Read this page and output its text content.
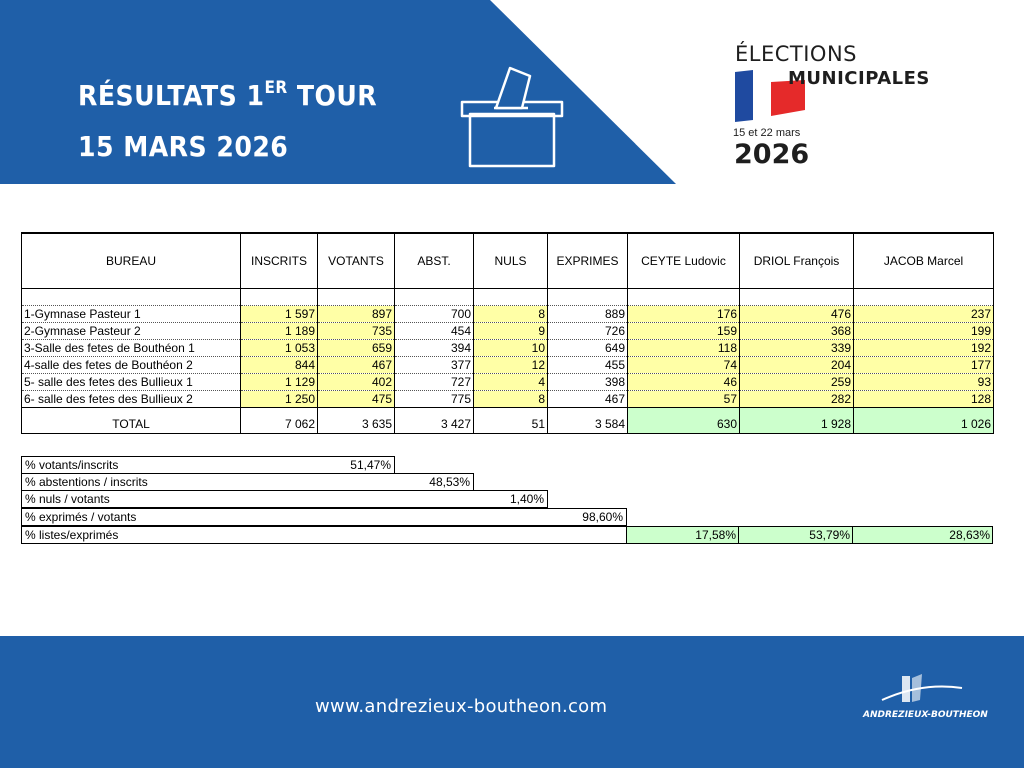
RÉSULTATS 1ER TOUR
15 MARS 2026
ÉLECTIONS
MUNICIPALES
15 et 22 mars
2026
BUREAU	INSCRITS	VOTANTS	ABST.	NULS	EXPRIMES	CEYTE Ludovic	DRIOL François	JACOB Marcel

1-Gymnase Pasteur 1	1 597	897	700	8	889	176	476	237
2-Gymnase Pasteur 2	1 189	735	454	9	726	159	368	199
3-Salle des fetes de Bouthéon 1	1 053	659	394	10	649	118	339	192
4-salle des fetes de Bouthéon 2	844	467	377	12	455	74	204	177
5- salle des fetes des Bullieux 1	1 129	402	727	4	398	46	259	93
6- salle des fetes des Bullieux 2	1 250	475	775	8	467	57	282	128
TOTAL	7 062	3 635	3 427	51	3 584	630	1 928	1 026
% votants/inscrits	51,47%
% abstentions / inscrits	48,53%
% nuls / votants	1,40%
% exprimés / votants	98,60%
% listes/exprimés	17,58%	53,79%	28,63%
www.andrezieux-boutheon.com	ANDREZIEUX-BOUTHEON
